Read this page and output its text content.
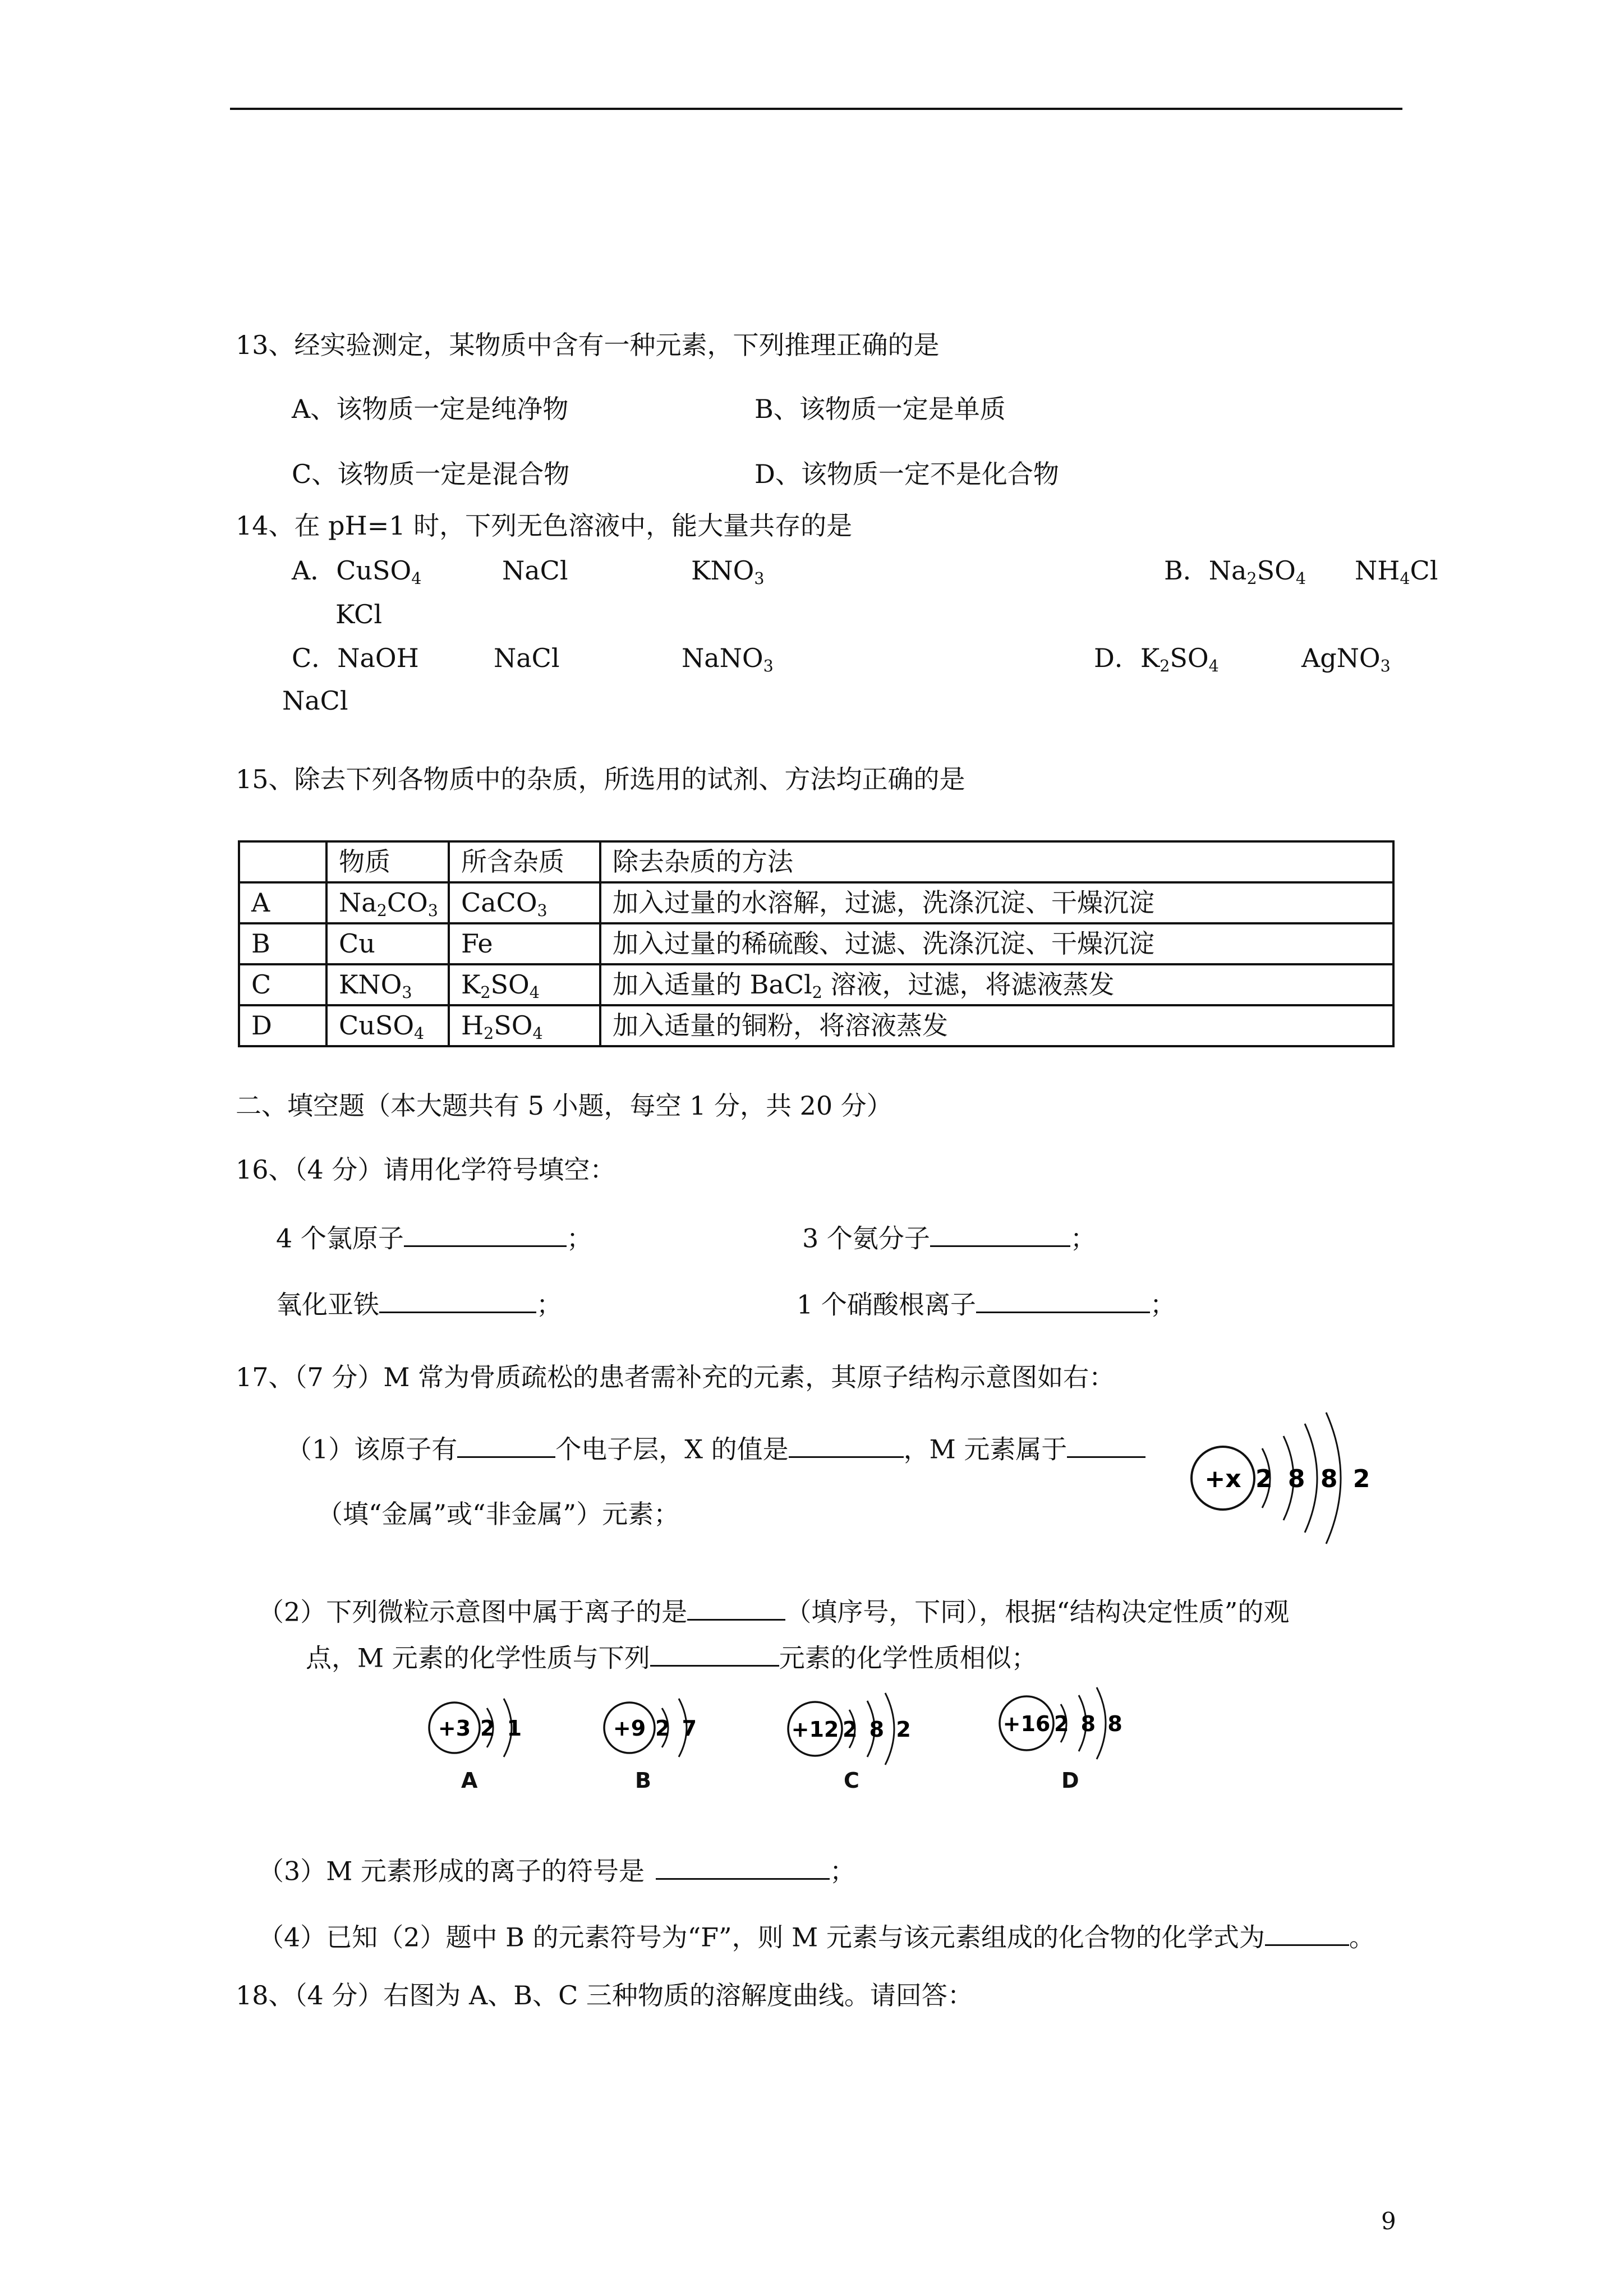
13、经实验测定，某物质中含有一种元素，下列推理正确的是
A、该物质一定是纯净物	B、该物质一定是单质
C、该物质一定是混合物	D、该物质一定不是化合物
14、在 pH=1 时，下列无色溶液中，能大量共存的是
A．CuSO$_4$	NaCl	$KNO_3$	B．$Na_2SO_4$ $NH_4Cl$
KCl
C．NaOH	NaCl	NaNO$_3$	D．$K_2SO_4$	AgNO$_3$
NaCl
15、除去下列各物质中的杂质，所选用的试剂、方法均正确的是
	物质	所含杂质	除去杂质的方法
A	$Na_2CO_3$	CaCO$_3$	加入过量的水溶解，过滤，洗涤沉淀、干燥沉淀
B	Cu	Fe	加入过量的稀硫酸、过滤、洗涤沉淀、干燥沉淀
C	$KNO_3$	$K_2SO_4$	加入适量的 BaCl$_2$ 溶液，过滤，将滤液蒸发
D	CuSO$_4$	$H_2SO_4$	加入适量的铜粉，将溶液蒸发
二、填空题（本大题共有 5 小题，每空 1 分，共 20 分）
16、（4 分）请用化学符号填空：
4 个氯原子	；	3 个氨分子	；
氧化亚铁	；	1 个硝酸根离子	；
17、（7 分）M 常为骨质疏松的患者需补充的元素，其原子结构示意图如右：
（1）该原子有	个电子层，X 的值是	，M 元素属于
（填“金属”或“非金属”）元素；
+x 2 8 8 2
（2）下列微粒示意图中属于离子的是	（填序号，下同），根据“结构决定性质”的观
点，M 元素的化学性质与下列	元素的化学性质相似；
+3 2 1
A
+9 2 7
B
+12 2 8 2
C
+16 2 8 8
D
（3）M 元素形成的离子的符号是	；
（4）已知（2）题中 B 的元素符号为“F”，则 M 元素与该元素组成的化合物的化学式为	。
18、（4 分）右图为 A、B、C 三种物质的溶解度曲线。请回答：
9
